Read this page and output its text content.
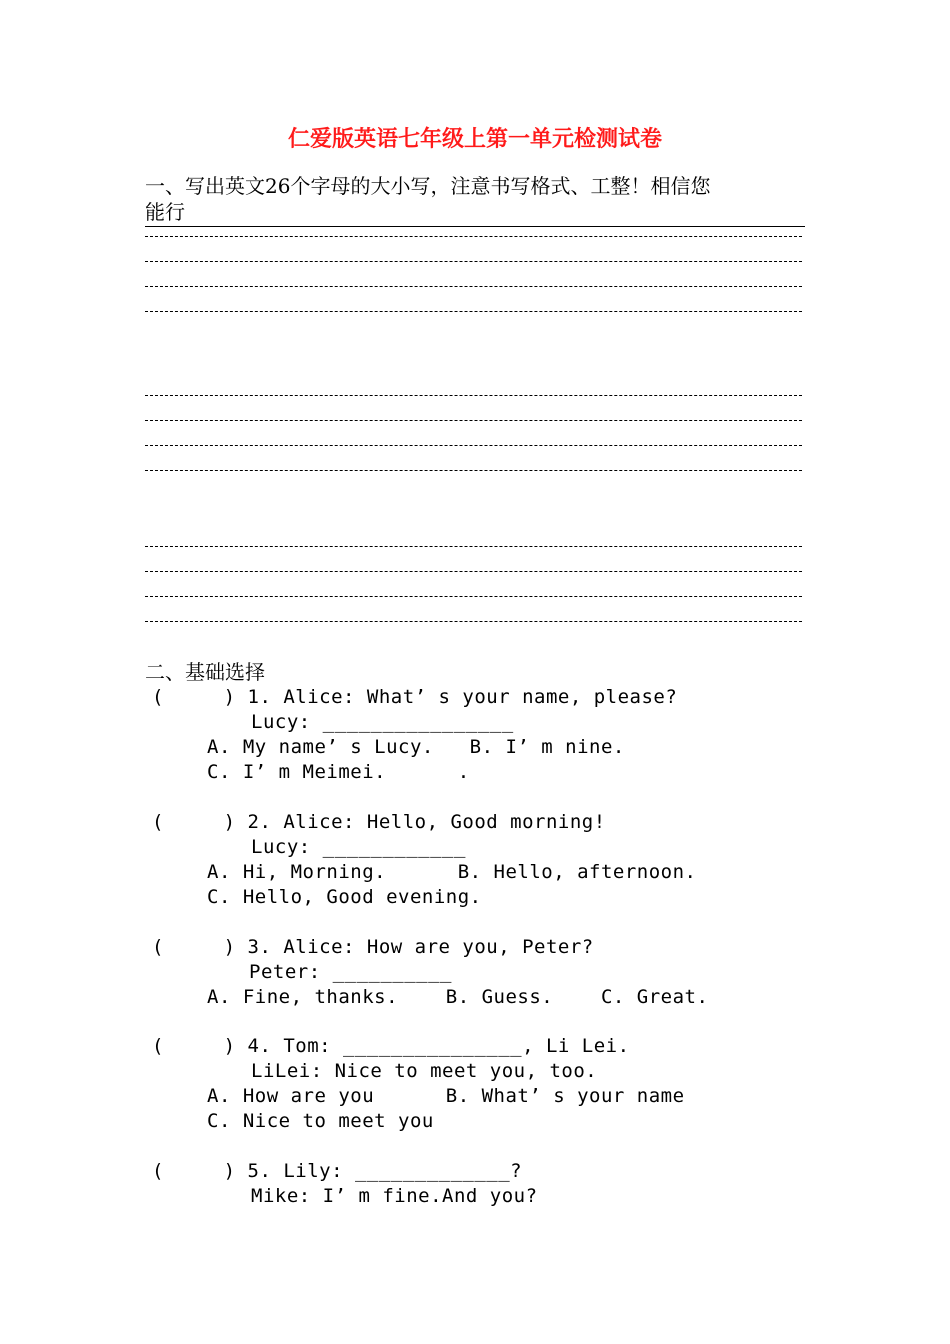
仁爱版英语七年级上第一单元检测试卷
一、写出英文26个字母的大小写，注意书写格式、工整！相信您
能行
二、基础选择
(     ) 1. Alice: What’ s your name, please?
Lucy: ________________
A. My name’ s Lucy.   B. I’ m nine.
C. I’ m Meimei.      .
(     ) 2. Alice: Hello, Good morning!
Lucy: ____________
A. Hi, Morning.      B. Hello, afternoon.
C. Hello, Good evening.
(     ) 3. Alice: How are you, Peter?
Peter: __________
A. Fine, thanks.    B. Guess.    C. Great.
(     ) 4. Tom: _______________, Li Lei.
LiLei: Nice to meet you, too.
A. How are you      B. What’ s your name
C. Nice to meet you
(     ) 5. Lily: _____________?
Mike: I’ m fine.And you?
